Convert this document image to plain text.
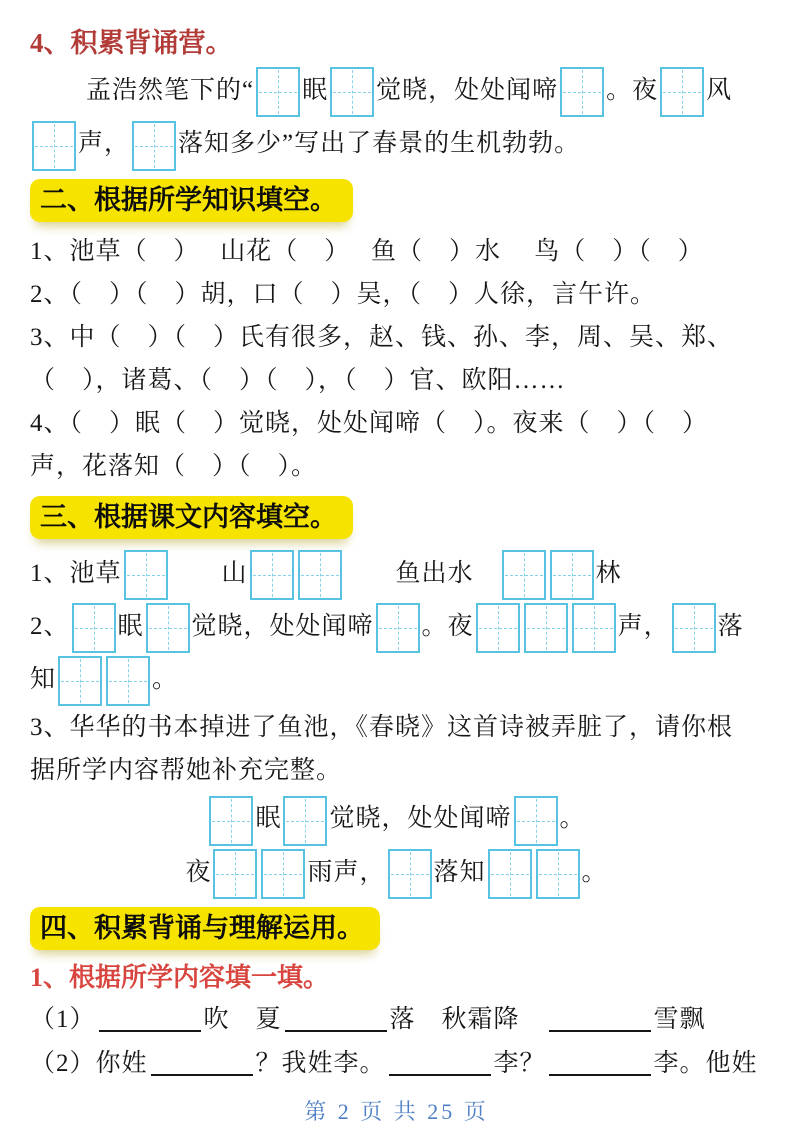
4、积累背诵营。
孟浩然笔下的“ 眠 觉晓，处处闻啼 。夜 风
声， 落知多少”写出了春景的生机勃勃。
二、根据所学知识填空。
1、池草（　）　 山花（　）　 鱼（　）水　 鸟（　）（　）
2、（　）（　）胡，口（　）吴，（　）人徐，言午许。
3、中（　）（　）氏有很多，赵、钱、孙、李，周、吴、郑、
（　），诸葛、（　）（　），（　）官、欧阳……
4、（　）眠（　）觉晓，处处闻啼（　）。夜来（　）（　）
声，花落知（　）（　）。
三、根据课文内容填空。
1、池草　　山	　　鱼出水　	林
2、 眠 觉晓，处处闻啼 。夜	声， 落
知	。
3、华华的书本掉进了鱼池，《春晓》这首诗被弄脏了，请你根
据所学内容帮她补充完整。
眠 觉晓，处处闻啼 。
夜	雨声， 落知	。
四、积累背诵与理解运用。
1、根据所学内容填一填。
（1）	吹　夏	落　秋霜降　	雪飘
（2）你姓	？我姓李。	李？	李。他姓
第 2 页 共 25 页
